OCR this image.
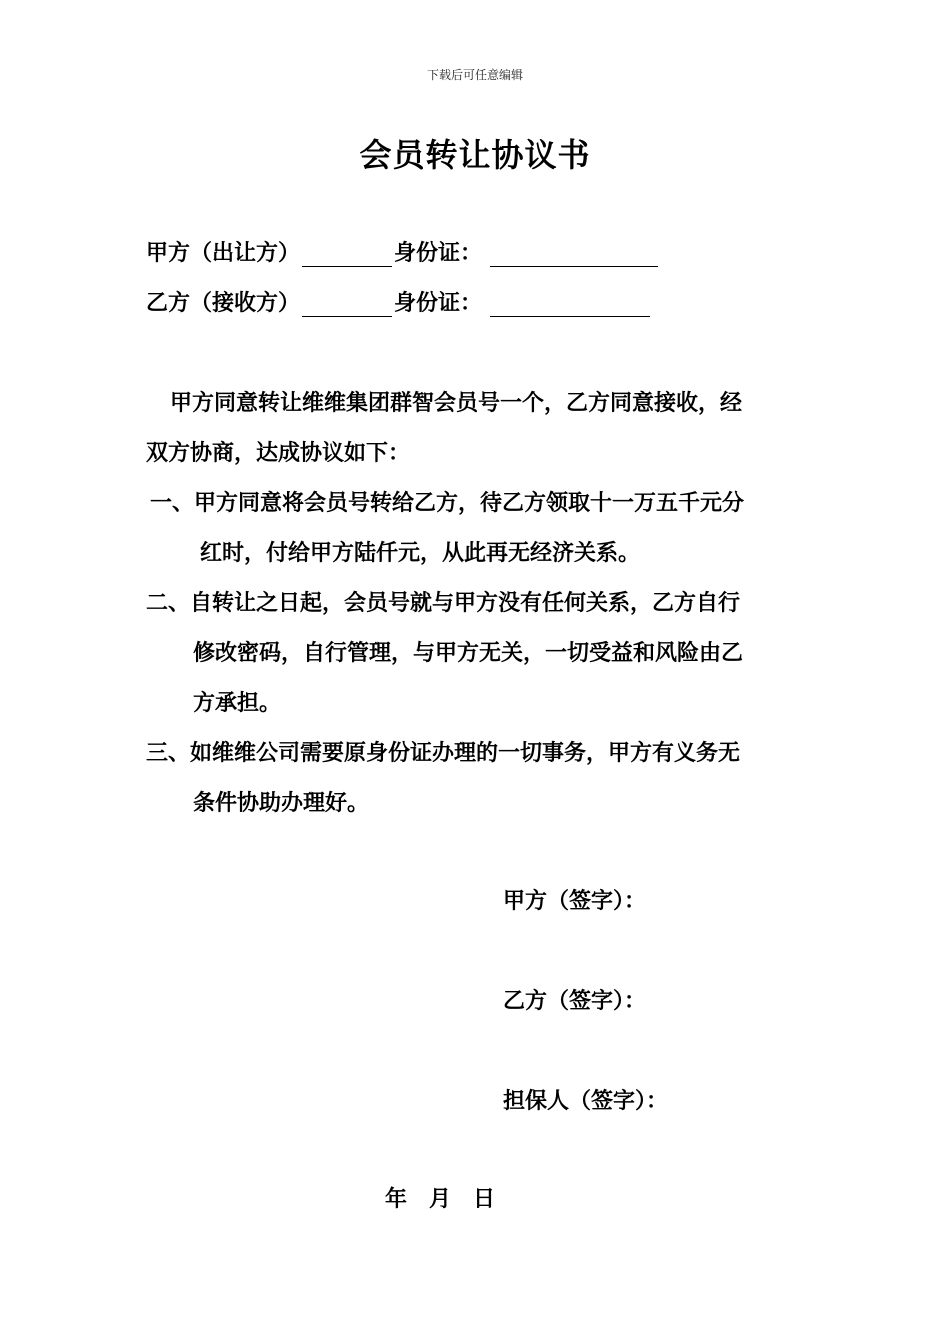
下载后可任意编辑
会员转让协议书
甲方（出让方）	身份证：
乙方（接收方）	身份证：
甲方同意转让维维集团群智会员号一个，乙方同意接收，经
双方协商，达成协议如下：
一、甲方同意将会员号转给乙方，待乙方领取十一万五千元分
红时，付给甲方陆仟元，从此再无经济关系。
二、自转让之日起，会员号就与甲方没有任何关系，乙方自行
修改密码，自行管理，与甲方无关，一切受益和风险由乙
方承担。
三、如维维公司需要原身份证办理的一切事务，甲方有义务无
条件协助办理好。
甲方（签字）：
乙方（签字）：
担保人（签字）：
年 月 日
